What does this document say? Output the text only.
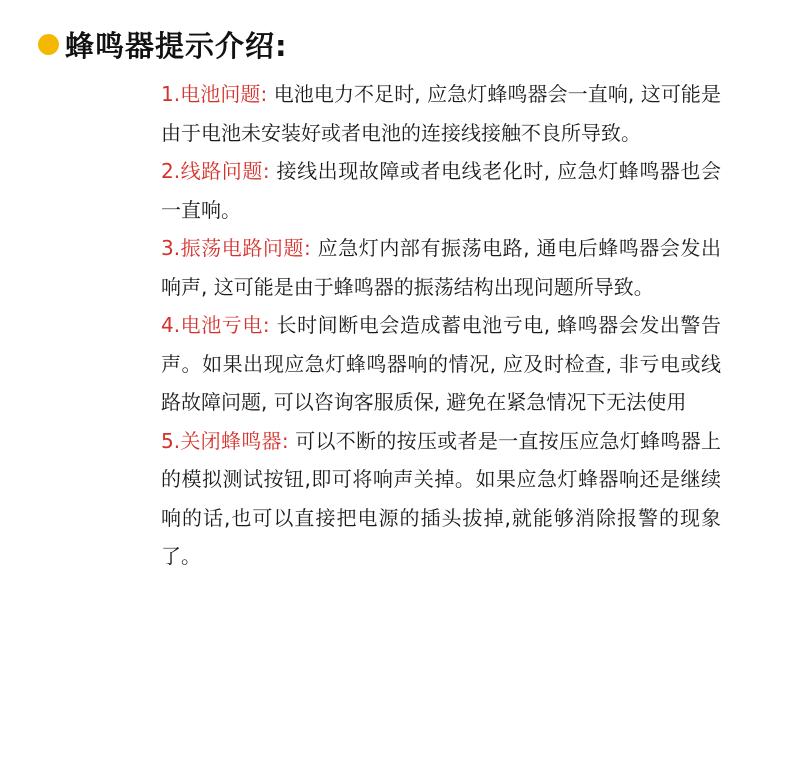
蜂鸣器提示介绍:

1.电池问题: 电池电力不足时, 应急灯蜂鸣器会一直响, 这可能是由于电池未安装好或者电池的连接线接触不良所导致。

2.线路问题: 接线出现故障或者电线老化时, 应急灯蜂鸣器也会一直响。

3.振荡电路问题: 应急灯内部有振荡电路, 通电后蜂鸣器会发出响声, 这可能是由于蜂鸣器的振荡结构出现问题所导致。

4.电池亏电: 长时间断电会造成蓄电池亏电, 蜂鸣器会发出警告声。如果出现应急灯蜂鸣器响的情况, 应及时检查, 非亏电或线路故障问题, 可以咨询客服质保, 避免在紧急情况下无法使用

5.关闭蜂鸣器: 可以不断的按压或者是一直按压应急灯蜂鸣器上的模拟测试按钮,即可将响声关掉。如果应急灯蜂器响还是继续响的话,也可以直接把电源的插头拔掉,就能够消除报警的现象了。
